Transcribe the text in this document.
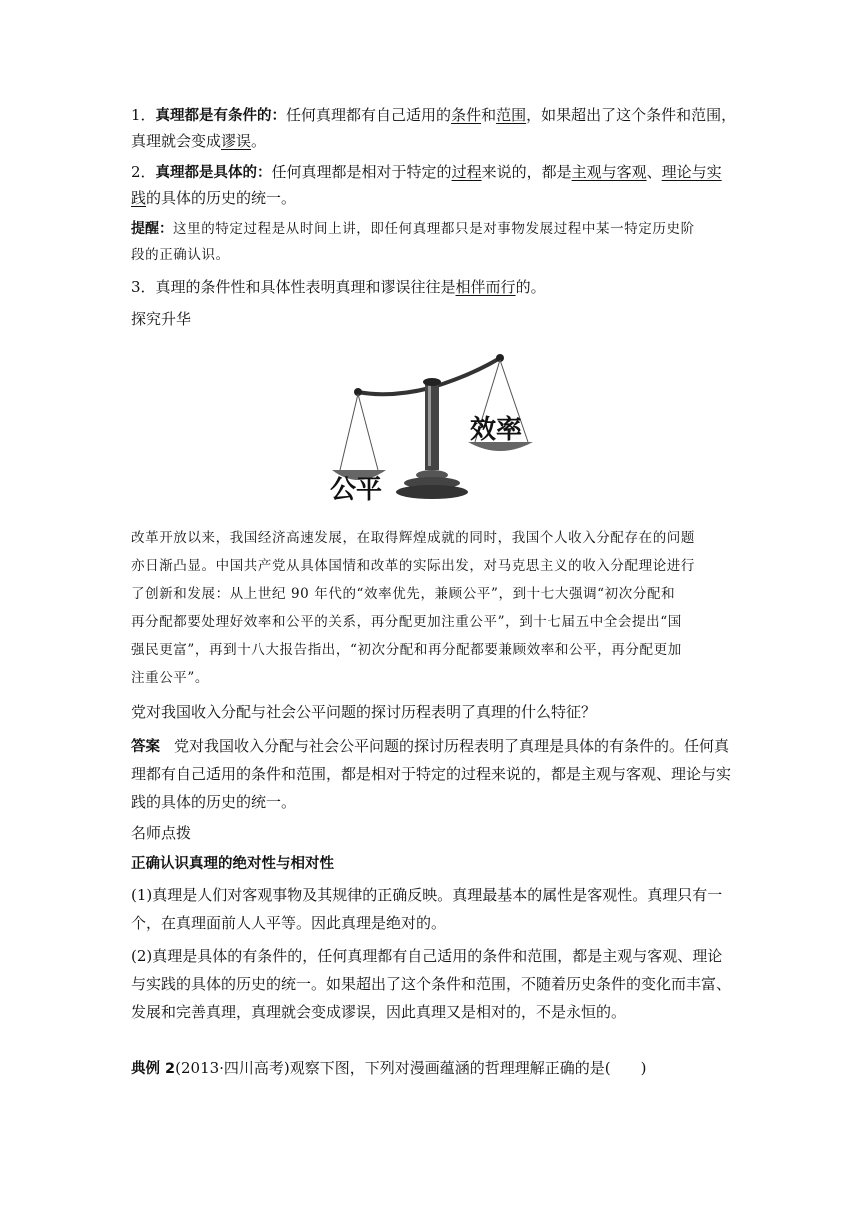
1．真理都是有条件的：任何真理都有自己适用的条件和范围，如果超出了这个条件和范围，
真理就会变成谬误。
2．真理都是具体的：任何真理都是相对于特定的过程来说的，都是主观与客观、理论与实
践的具体的历史的统一。
提醒：这里的特定过程是从时间上讲，即任何真理都只是对事物发展过程中某一特定历史阶
段的正确认识。
3．真理的条件性和具体性表明真理和谬误往往是相伴而行的。
探究升华
公平
效率
改革开放以来，我国经济高速发展，在取得辉煌成就的同时，我国个人收入分配存在的问题
亦日渐凸显。中国共产党从具体国情和改革的实际出发，对马克思主义的收入分配理论进行
了创新和发展：从上世纪 90 年代的“效率优先，兼顾公平”，到十七大强调“初次分配和
再分配都要处理好效率和公平的关系，再分配更加注重公平”，到十七届五中全会提出“国
强民更富”，再到十八大报告指出，“初次分配和再分配都要兼顾效率和公平，再分配更加
注重公平”。
党对我国收入分配与社会公平问题的探讨历程表明了真理的什么特征？
答案 党对我国收入分配与社会公平问题的探讨历程表明了真理是具体的有条件的。任何真
理都有自己适用的条件和范围，都是相对于特定的过程来说的，都是主观与客观、理论与实
践的具体的历史的统一。
名师点拨
正确认识真理的绝对性与相对性
(1)真理是人们对客观事物及其规律的正确反映。真理最基本的属性是客观性。真理只有一
个，在真理面前人人平等。因此真理是绝对的。
(2)真理是具体的有条件的，任何真理都有自己适用的条件和范围，都是主观与客观、理论
与实践的具体的历史的统一。如果超出了这个条件和范围，不随着历史条件的变化而丰富、
发展和完善真理，真理就会变成谬误，因此真理又是相对的，不是永恒的。
典例 2(2013·四川高考)观察下图，下列对漫画蕴涵的哲理理解正确的是(　　)
